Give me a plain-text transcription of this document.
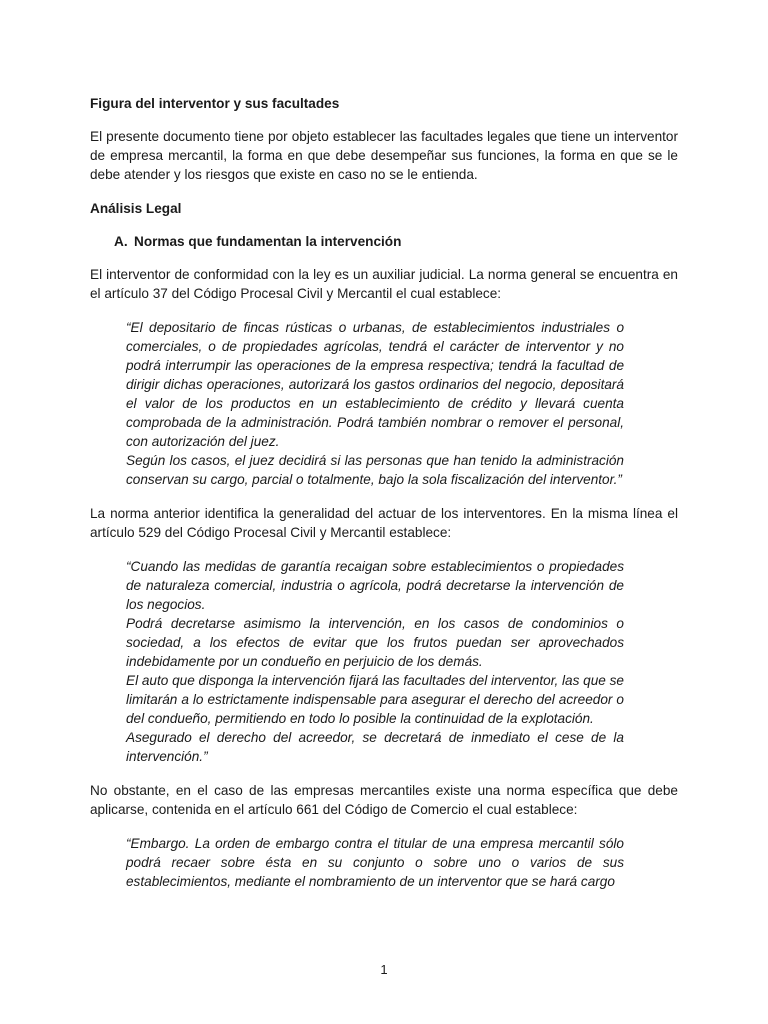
Figura del interventor y sus facultades
El presente documento tiene por objeto establecer las facultades legales que tiene un interventor de empresa mercantil, la forma en que debe desempeñar sus funciones, la forma en que se le debe atender y los riesgos que existe en caso no se le entienda.
Análisis Legal
A. Normas que fundamentan la intervención
El interventor de conformidad con la ley es un auxiliar judicial. La norma general se encuentra en el artículo 37 del Código Procesal Civil y Mercantil el cual establece:

“El depositario de fincas rústicas o urbanas, de establecimientos industriales o comerciales, o de propiedades agrícolas, tendrá el carácter de interventor y no podrá interrumpir las operaciones de la empresa respectiva; tendrá la facultad de dirigir dichas operaciones, autorizará los gastos ordinarios del negocio, depositará el valor de los productos en un establecimiento de crédito y llevará cuenta comprobada de la administración. Podrá también nombrar o remover el personal, con autorización del juez.

Según los casos, el juez decidirá si las personas que han tenido la administración conservan su cargo, parcial o totalmente, bajo la sola fiscalización del interventor.”

La norma anterior identifica la generalidad del actuar de los interventores. En la misma línea el artículo 529 del Código Procesal Civil y Mercantil establece:

“Cuando las medidas de garantía recaigan sobre establecimientos o propiedades de naturaleza comercial, industria o agrícola, podrá decretarse la intervención de los negocios.

Podrá decretarse asimismo la intervención, en los casos de condominios o sociedad, a los efectos de evitar que los frutos puedan ser aprovechados indebidamente por un condueño en perjuicio de los demás.

El auto que disponga la intervención fijará las facultades del interventor, las que se limitarán a lo estrictamente indispensable para asegurar el derecho del acreedor o del condueño, permitiendo en todo lo posible la continuidad de la explotación.

Asegurado el derecho del acreedor, se decretará de inmediato el cese de la intervención.”

No obstante, en el caso de las empresas mercantiles existe una norma específica que debe aplicarse, contenida en el artículo 661 del Código de Comercio el cual establece:

“Embargo. La orden de embargo contra el titular de una empresa mercantil sólo podrá recaer sobre ésta en su conjunto o sobre uno o varios de sus establecimientos, mediante el nombramiento de un interventor que se hará cargo

1
